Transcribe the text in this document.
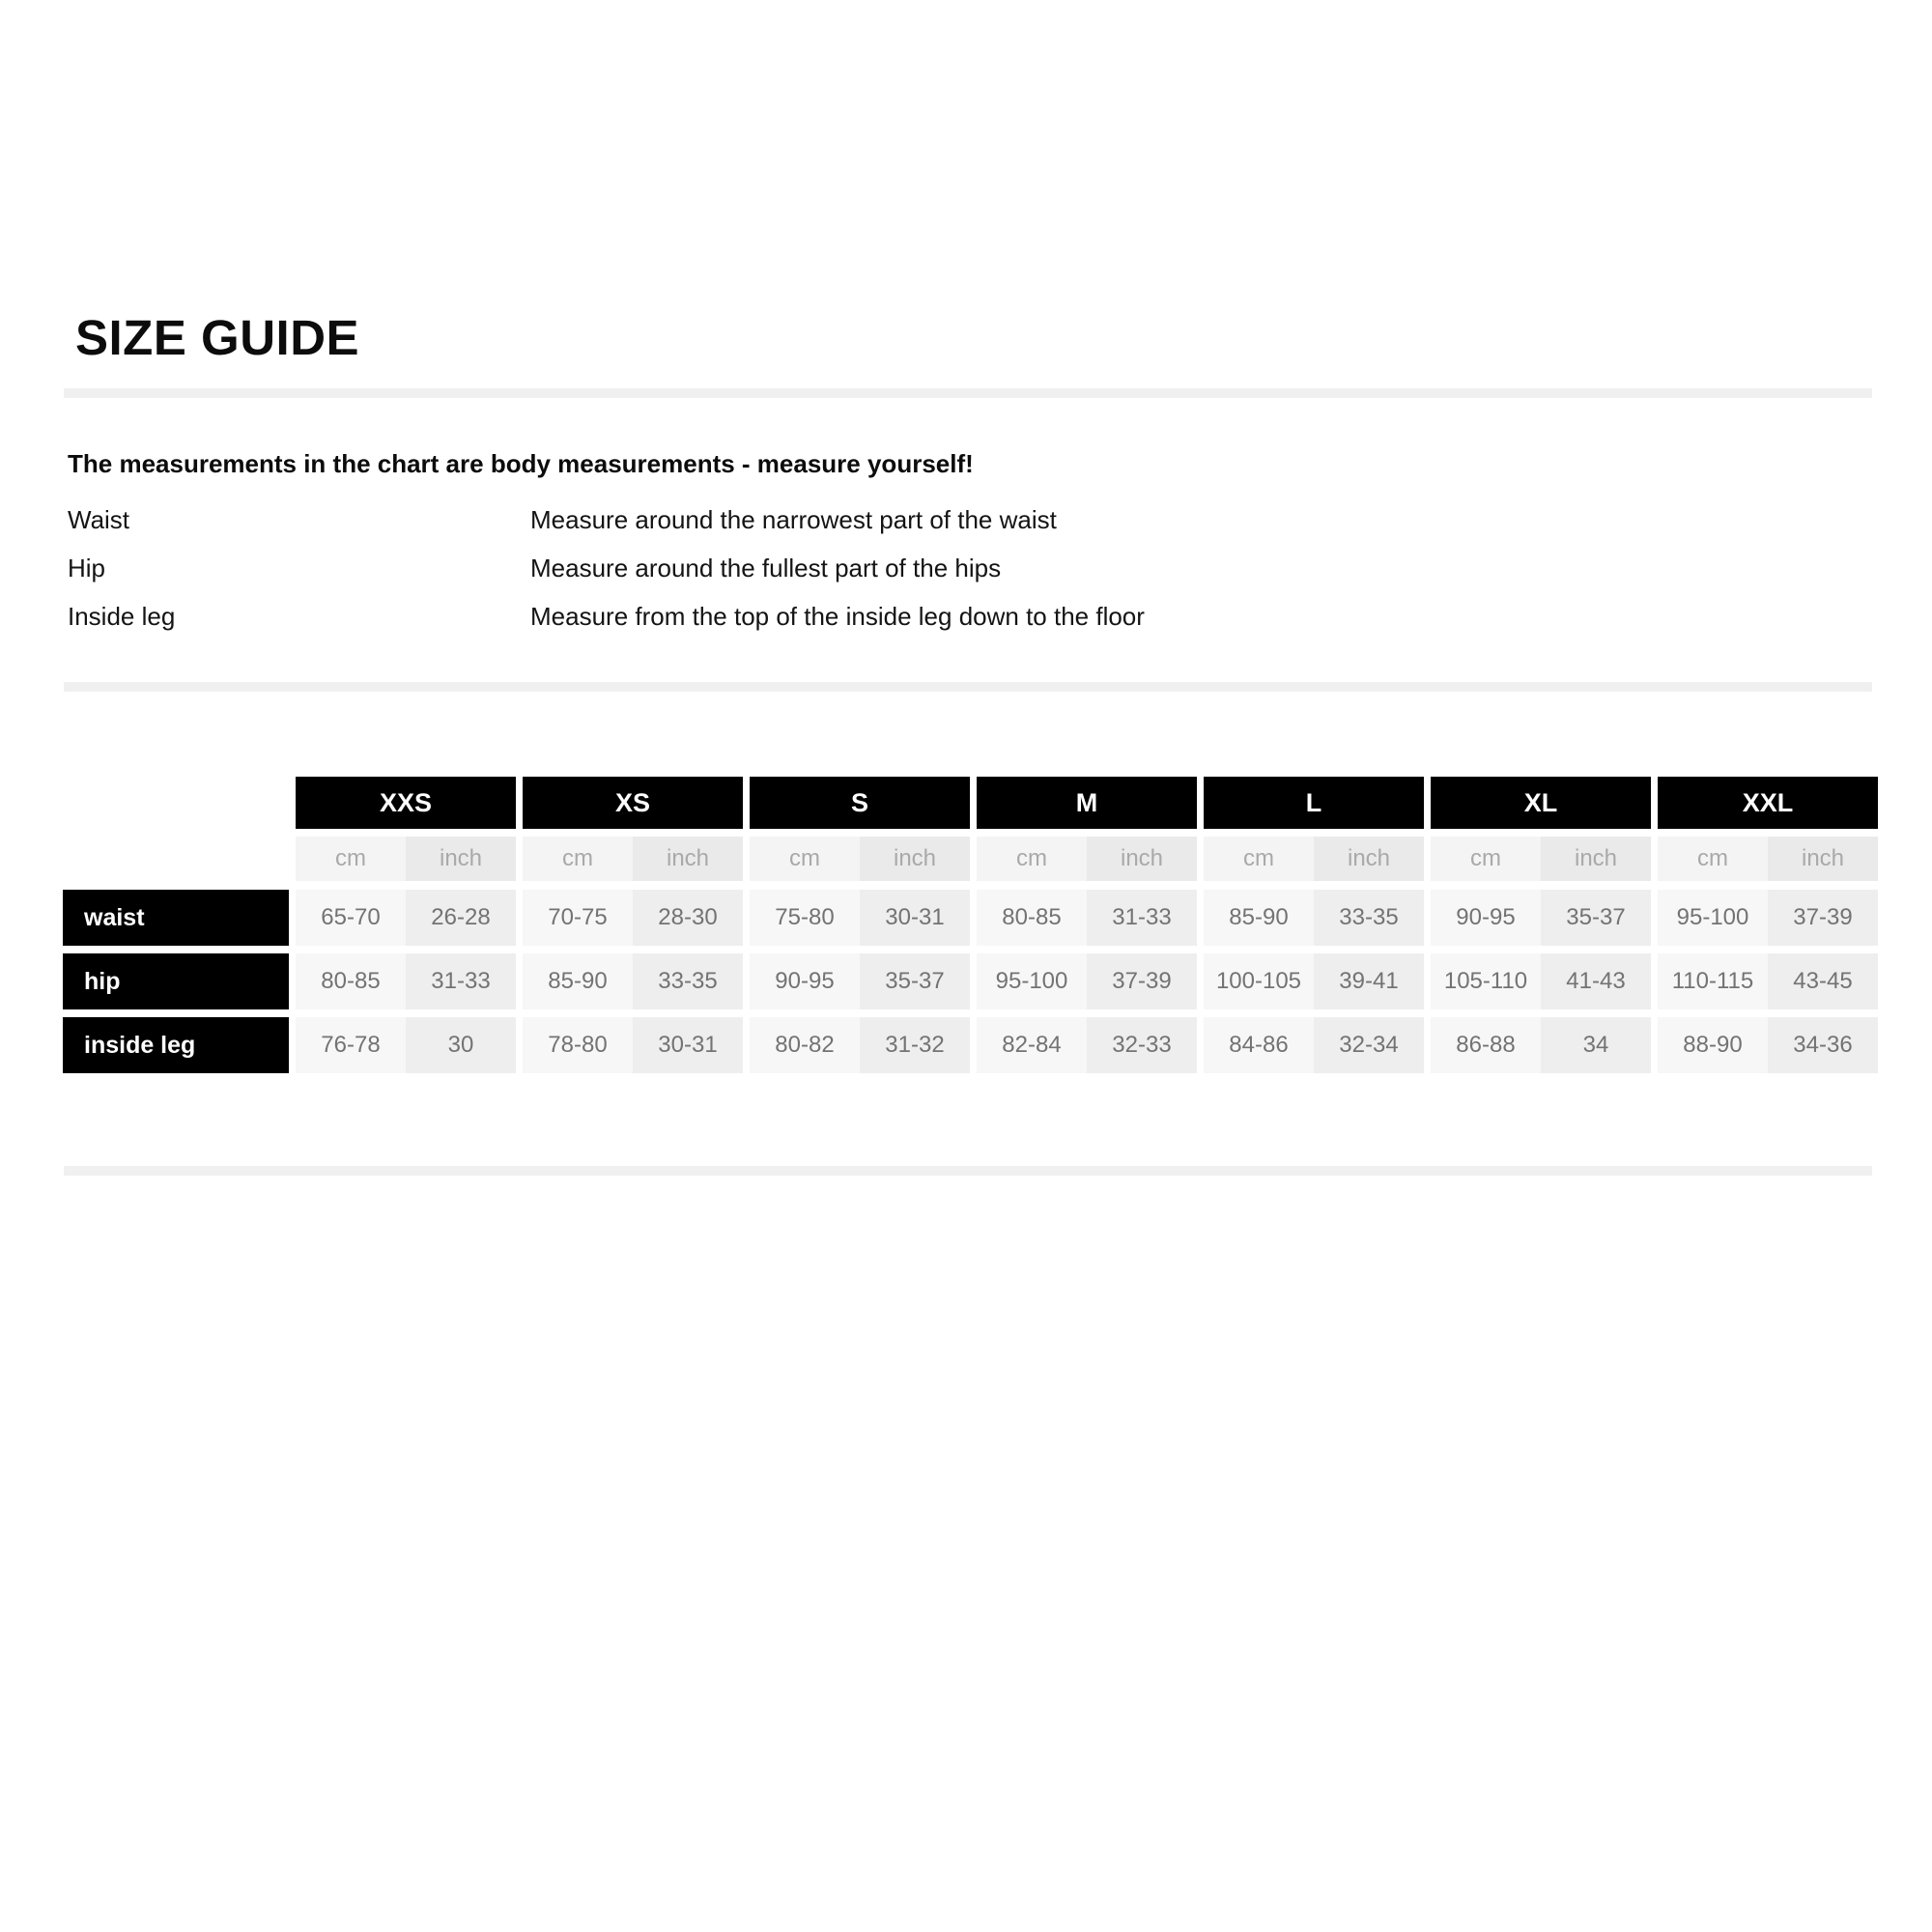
SIZE GUIDE

The measurements in the chart are body measurements - measure yourself!

Waist	Measure around the narrowest part of the waist
Hip	Measure around the fullest part of the hips
Inside leg	Measure from the top of the inside leg down to the floor
XXS	XS	S	M	L	XL	XXL
cm	inch	cm	inch	cm	inch	cm	inch	cm	inch	cm	inch	cm	inch
waist	65-70	26-28	70-75	28-30	75-80	30-31	80-85	31-33	85-90	33-35	90-95	35-37	95-100	37-39
hip	80-85	31-33	85-90	33-35	90-95	35-37	95-100	37-39	100-105	39-41	105-110	41-43	110-115	43-45
inside leg	76-78	30	78-80	30-31	80-82	31-32	82-84	32-33	84-86	32-34	86-88	34	88-90	34-36
